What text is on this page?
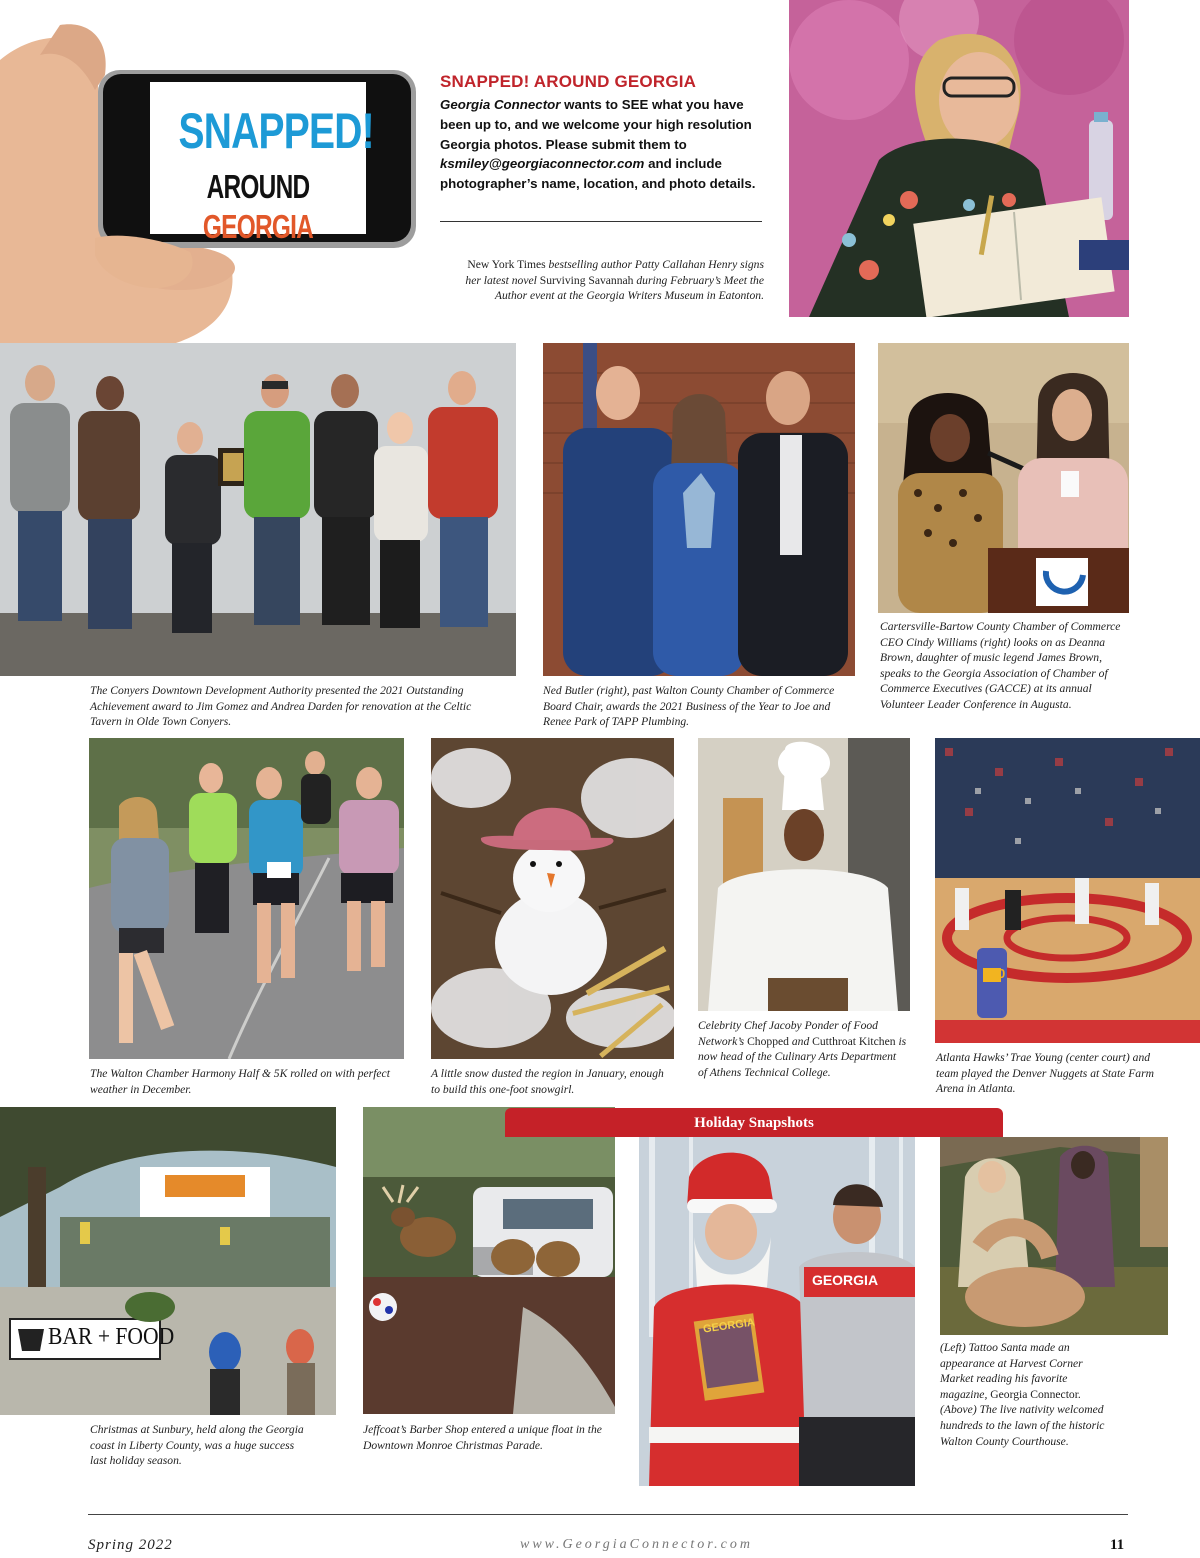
SNAPPED!
AROUND GEORGIA
SNAPPED! AROUND GEORGIA
Georgia Connector wants to SEE what you have been up to, and we welcome your high resolution Georgia photos. Please submit them to ksmiley@georgiaconnector.com and include photographer’s name, location, and photo details.
New York Times bestselling author Patty Callahan Henry signs her latest novel Surviving Savannah during February’s Meet the Author event at the Georgia Writers Museum in Eatonton.
The Conyers Downtown Development Authority presented the 2021 Outstanding Achievement award to Jim Gomez and Andrea Darden for renovation at the Celtic Tavern in Olde Town Conyers.
Ned Butler (right), past Walton County Chamber of Commerce Board Chair, awards the 2021 Business of the Year to Joe and Renee Park of TAPP Plumbing.
Cartersville-Bartow County Chamber of Commerce CEO Cindy Williams (right) looks on as Deanna Brown, daughter of music legend James Brown, speaks to the Georgia Association of Chamber of Commerce Executives (GACCE) at its annual Volunteer Leader Conference in Augusta.
The Walton Chamber Harmony Half & 5K rolled on with perfect weather in December.
A little snow dusted the region in January, enough to build this one-foot snowgirl.
Celebrity Chef Jacoby Ponder of Food Network’s Chopped and Cutthroat Kitchen is now head of the Culinary Arts Department of Athens Technical College.
50
Atlanta Hawks’ Trae Young (center court) and team played the Denver Nuggets at State Farm Arena in Atlanta.
BAR + FOOD
Christmas at Sunbury, held along the Georgia coast in Liberty County, was a huge success last holiday season.
Jeffcoat’s Barber Shop entered a unique float in the Downtown Monroe Christmas Parade.
Holiday Snapshots
GEORGIA
GEORGIA
(Left) Tattoo Santa made an appearance at Harvest Corner Market reading his favorite magazine, Georgia Connector. (Above) The live nativity welcomed hundreds to the lawn of the historic Walton County Courthouse.
Spring 2022	www.GeorgiaConnector.com	11
